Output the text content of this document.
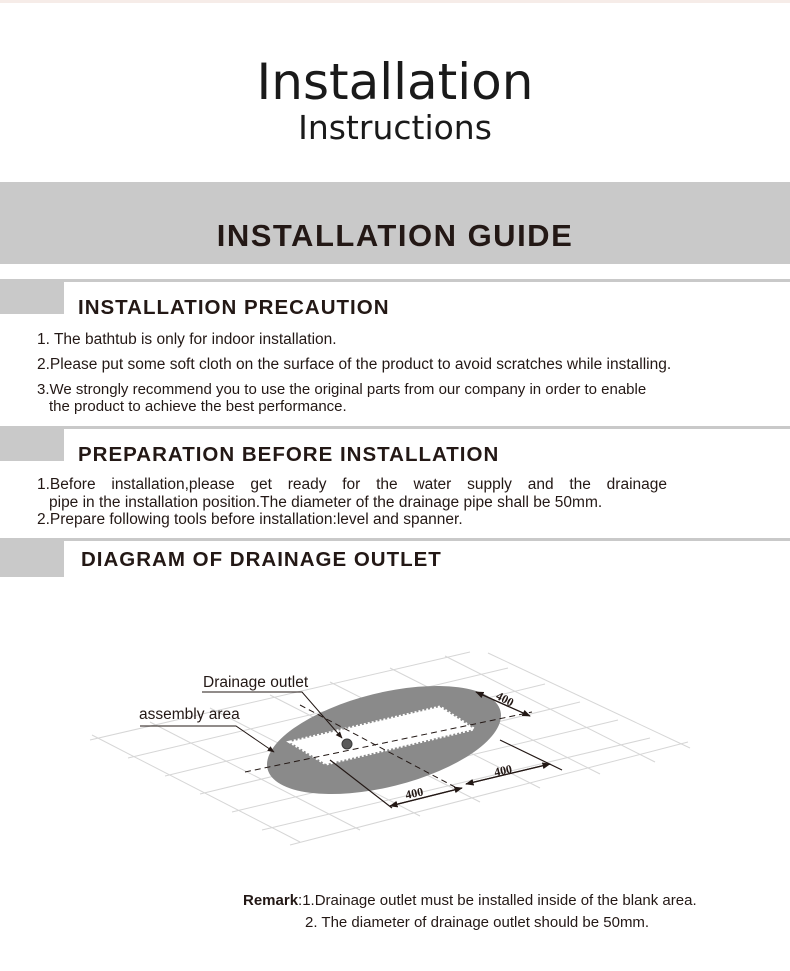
Installation
Instructions
INSTALLATION GUIDE
INSTALLATION PRECAUTION
1. The bathtub is only for indoor installation.
2.Please put some soft cloth on the surface of the product to avoid scratches while installing.
3.We strongly recommend you to use the original parts from our company in order to enable
the product to achieve the best performance.
PREPARATION BEFORE INSTALLATION
1.Before installation,please get ready for the water supply and the drainage
pipe in the installation position.The diameter of the drainage pipe shall be 50mm.
2.Prepare following tools before installation:level and spanner.
DIAGRAM OF DRAINAGE OUTLET
400
400
400
Drainage outlet
assembly area
Remark:1.Drainage outlet must be installed inside of the blank area.
2. The diameter of drainage outlet should be 50mm.
